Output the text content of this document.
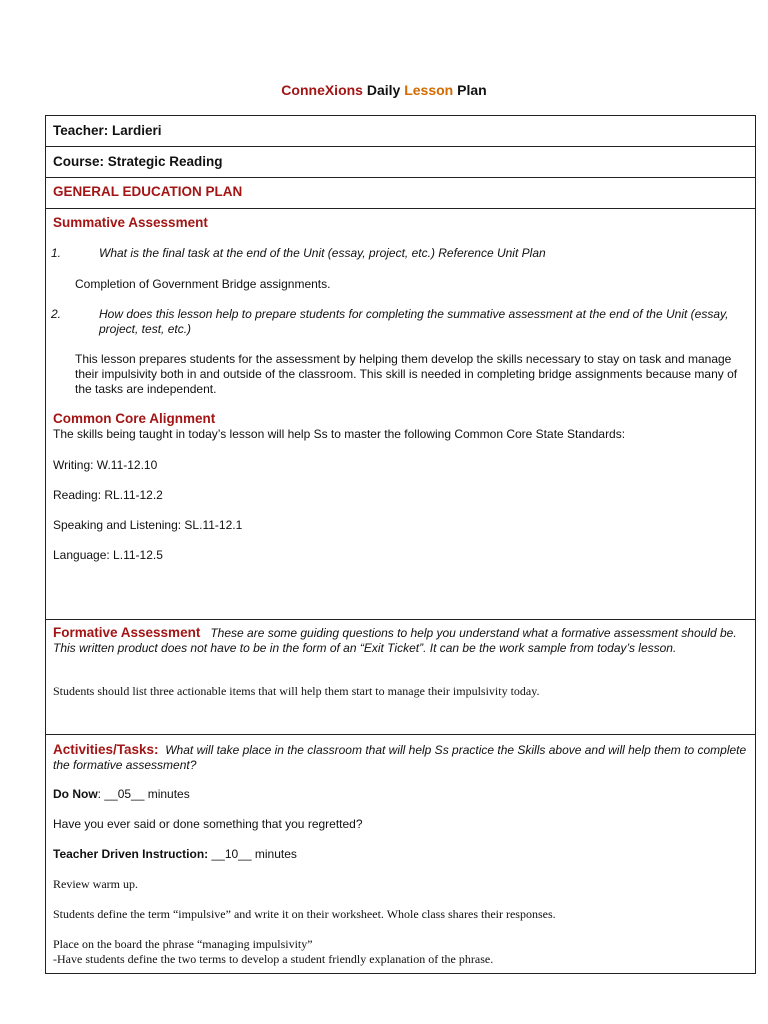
ConneXions Daily Lesson Plan
Teacher: Lardieri
Course: Strategic Reading
GENERAL EDUCATION PLAN
Summative Assessment
1.	What is the final task at the end of the Unit (essay, project, etc.) Reference Unit Plan
Completion of Government Bridge assignments.
2.	How does this lesson help to prepare students for completing the summative assessment at the end of the Unit (essay, project, test, etc.)
This lesson prepares students for the assessment by helping them develop the skills necessary to stay on task and manage their impulsivity both in and outside of the classroom. This skill is needed in completing bridge assignments because many of the tasks are independent.
Common Core Alignment
The skills being taught in today’s lesson will help Ss to master the following Common Core State Standards:
Writing: W.11-12.10
Reading: RL.11-12.2
Speaking and Listening: SL.11-12.1
Language: L.11-12.5
Formative Assessment These are some guiding questions to help you understand what a formative assessment should be. This written product does not have to be in the form of an “Exit Ticket”. It can be the work sample from today’s lesson.
Students should list three actionable items that will help them start to manage their impulsivity today.
Activities/Tasks: What will take place in the classroom that will help Ss practice the Skills above and will help them to complete the formative assessment?
Do Now: __05__ minutes
Have you ever said or done something that you regretted?
Teacher Driven Instruction: __10__ minutes
Review warm up.
Students define the term “impulsive” and write it on their worksheet. Whole class shares their responses.
Place on the board the phrase “managing impulsivity”
-Have students define the two terms to develop a student friendly explanation of the phrase.
